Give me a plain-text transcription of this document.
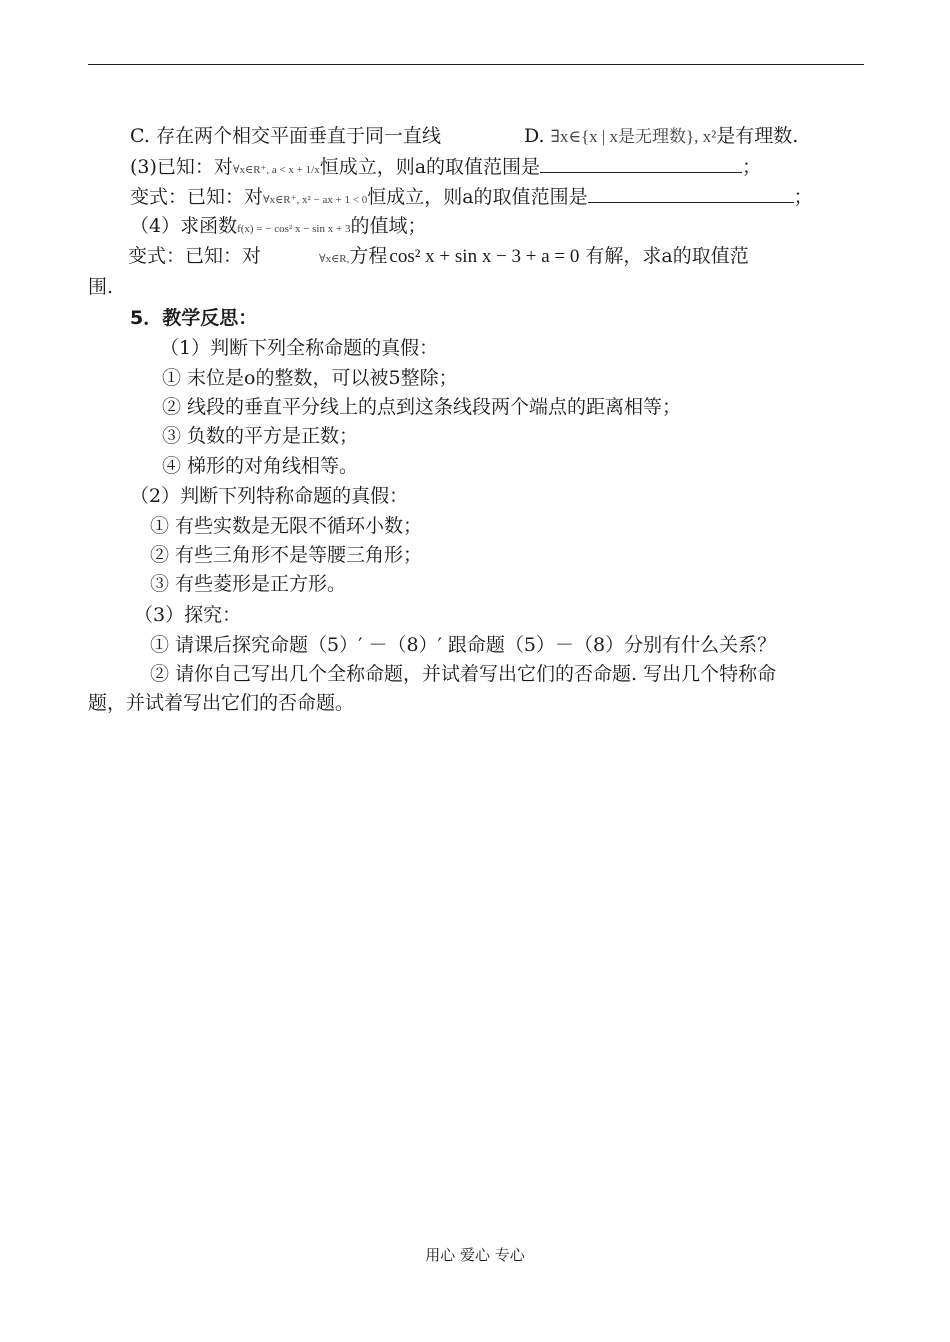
C. 存在两个相交平面垂直于同一直线	D. ∃x∈{x | x是无理数}, x²是有理数.
(3)已知：对∀x∈R⁺, a < x + 1/x恒成立，则a的取值范围是	；
变式：已知：对∀x∈R⁺, x² − ax + 1 < 0恒成立，则a的取值范围是	；
（4）求函数f(x) = − cos² x − sin x + 3的值域；
变式：已知：对	∀x∈R,方程 cos² x + sin x − 3 + a = 0 有解，求a的取值范
围.
5．教学反思：
（1）判断下列全称命题的真假：
① 末位是o的整数，可以被5整除；
② 线段的垂直平分线上的点到这条线段两个端点的距离相等；
③ 负数的平方是正数；
④ 梯形的对角线相等。
（2）判断下列特称命题的真假：
① 有些实数是无限不循环小数；
② 有些三角形不是等腰三角形；
③ 有些菱形是正方形。
（3）探究：
① 请课后探究命题（5）′ －（8）′ 跟命题（5）－（8）分别有什么关系？
② 请你自己写出几个全称命题，并试着写出它们的否命题. 写出几个特称命
题，并试着写出它们的否命题。
用心 爱心 专心
